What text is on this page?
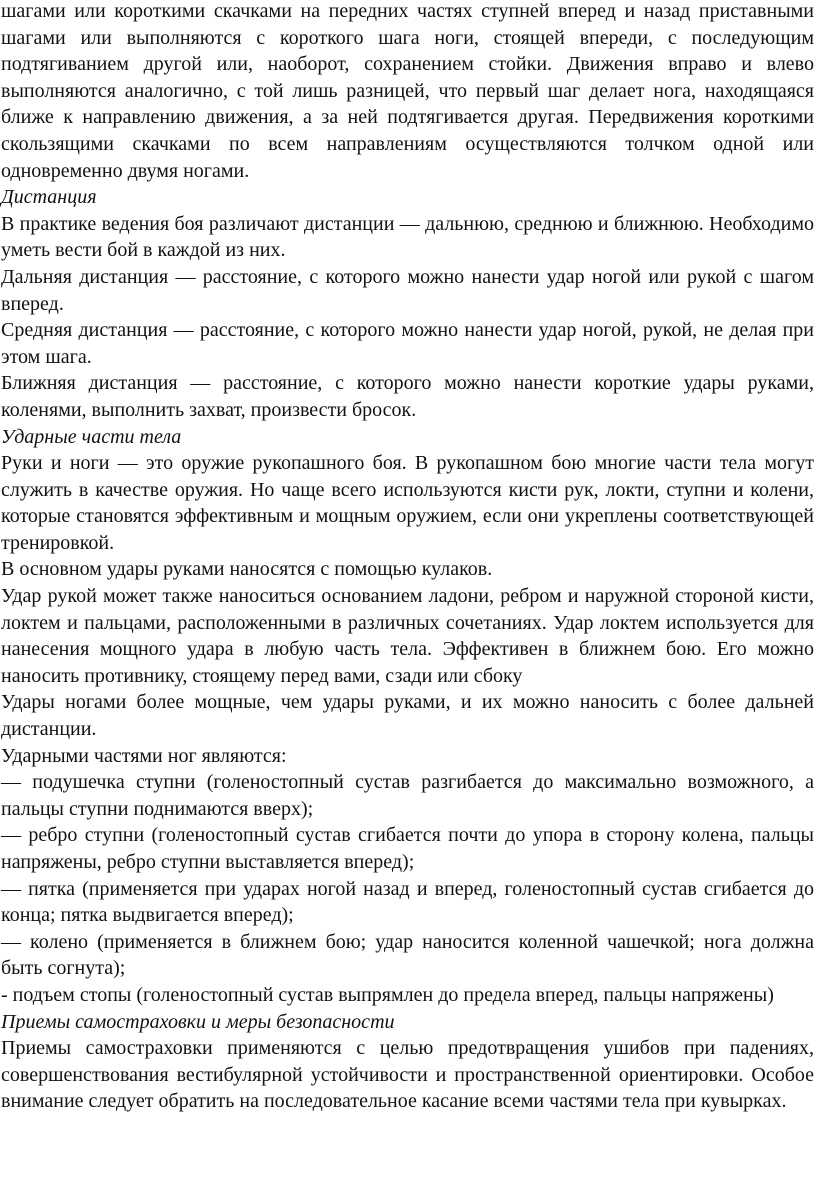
шагами или короткими скачками на передних частях ступней вперед и назад приставными шагами или выполняются с короткого шага ноги, стоящей впереди, с последующим подтягиванием другой или, наоборот, сохранением стойки. Движения вправо и влево выполняются аналогично, с той лишь разницей, что первый шаг делает нога, находящаяся ближе к направлению движения, а за ней подтягивается другая. Передвижения короткими скользящими скачками по всем направлениям осуществляются толчком одной или одновременно двумя ногами.

Дистанция

В практике ведения боя различают дистанции — дальнюю, среднюю и ближнюю. Необходимо уметь вести бой в каждой из них.

Дальняя дистанция — расстояние, с которого можно нанести удар ногой или рукой с шагом вперед.

Средняя дистанция — расстояние, с которого можно нанести удар ногой, рукой, не делая при этом шага.

Ближняя дистанция — расстояние, с которого можно нанести короткие удары руками, коленями, выполнить захват, произвести бросок.

Ударные части тела

Руки и ноги — это оружие рукопашного боя. В рукопашном бою многие части тела могут служить в качестве оружия. Но чаще всего используются кисти рук, локти, ступни и колени, которые становятся эффективным и мощным оружием, если они укреплены соответствующей тренировкой.

В основном удары руками наносятся с помощью кулаков.

Удар рукой может также наноситься основанием ладони, ребром и наружной стороной кисти, локтем и пальцами, расположенными в различных сочетаниях. Удар локтем используется для нанесения мощного удара в любую часть тела. Эффективен в ближнем бою. Его можно наносить противнику, стоящему перед вами, сзади или сбоку

Удары ногами более мощные, чем удары руками, и их можно наносить с более дальней дистанции.

Ударными частями ног являются:

— подушечка ступни (голеностопный сустав разгибается до максимально возможного, а пальцы ступни поднимаются вверх);

— ребро ступни (голеностопный сустав сгибается почти до упора в сторону колена, пальцы напряжены, ребро ступни выставляется вперед);

— пятка (применяется при ударах ногой назад и вперед, голеностопный сустав сгибается до конца; пятка выдвигается вперед);

— колено (применяется в ближнем бою; удар наносится коленной чашечкой; нога должна быть согнута);

- подъем стопы (голеностопный сустав выпрямлен до предела вперед, пальцы напряжены)

Приемы самостраховки и меры безопасности

Приемы самостраховки применяются с целью предотвращения ушибов при падениях, совершенствования вестибулярной устойчивости и пространственной ориентировки. Особое внимание следует обратить на последовательное касание всеми частями тела при кувырках.
